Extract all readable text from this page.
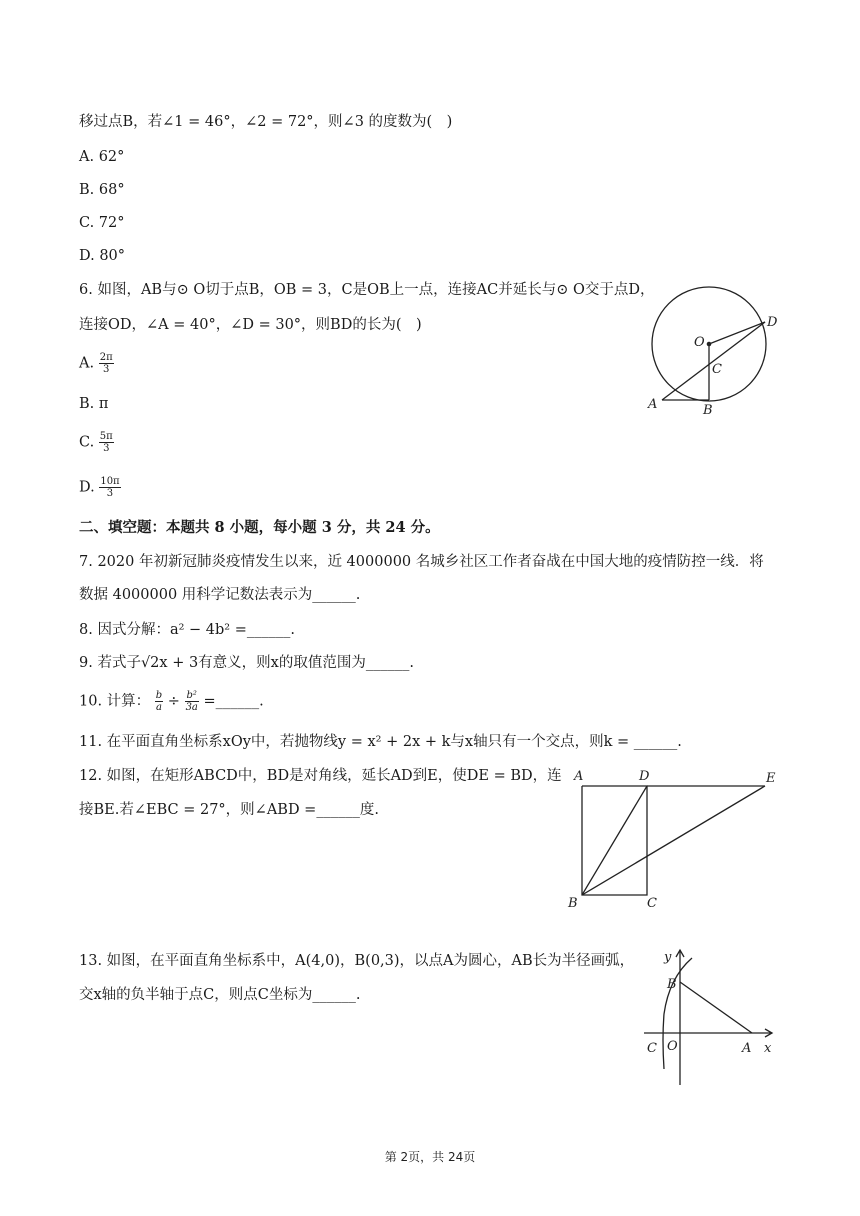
移过点B，若∠1 = 46°，∠2 = 72°，则∠3 的度数为(　)
A. 62°
B. 68°
C. 72°
D. 80°
6. 如图，AB与⊙ O切于点B，OB = 3，C是OB上一点，连接AC并延长与⊙ O交于点D，
连接OD，∠A = 40°，∠D = 30°，则BD的长为(　)
A. $\frac{2\pi}{3}$
B. π
C. $\frac{5\pi}{3}$
D. $\frac{10\pi}{3}$
O
D
C
A	B
二、填空题：本题共 8 小题，每小题 3 分，共 24 分。
7. 2020 年初新冠肺炎疫情发生以来，近 4000000 名城乡社区工作者奋战在中国大地的疫情防控一线．将
数据 4000000 用科学记数法表示为______.
8. 因式分解：a² − 4b² =______.
9. 若式子√2x + 3有意义，则x的取值范围为______.
10. 计算： $\frac{b}{a} \div \frac{\text{b²}}{3a}$ =______.
11. 在平面直角坐标系xOy中，若抛物线y = x² + 2x + k与x轴只有一个交点，则k = ______.
12. 如图，在矩形ABCD中，BD是对角线，延长AD到E，使DE = BD，连
接BE.若∠EBC = 27°，则∠ABD =______度.
A	D	E
B	C
13. 如图，在平面直角坐标系中，A(4,0)，B(0,3)，以点A为圆心，AB长为半径画弧，
交x轴的负半轴于点C，则点C坐标为______.
y
B
C O	A x
第 2页，共 24页
